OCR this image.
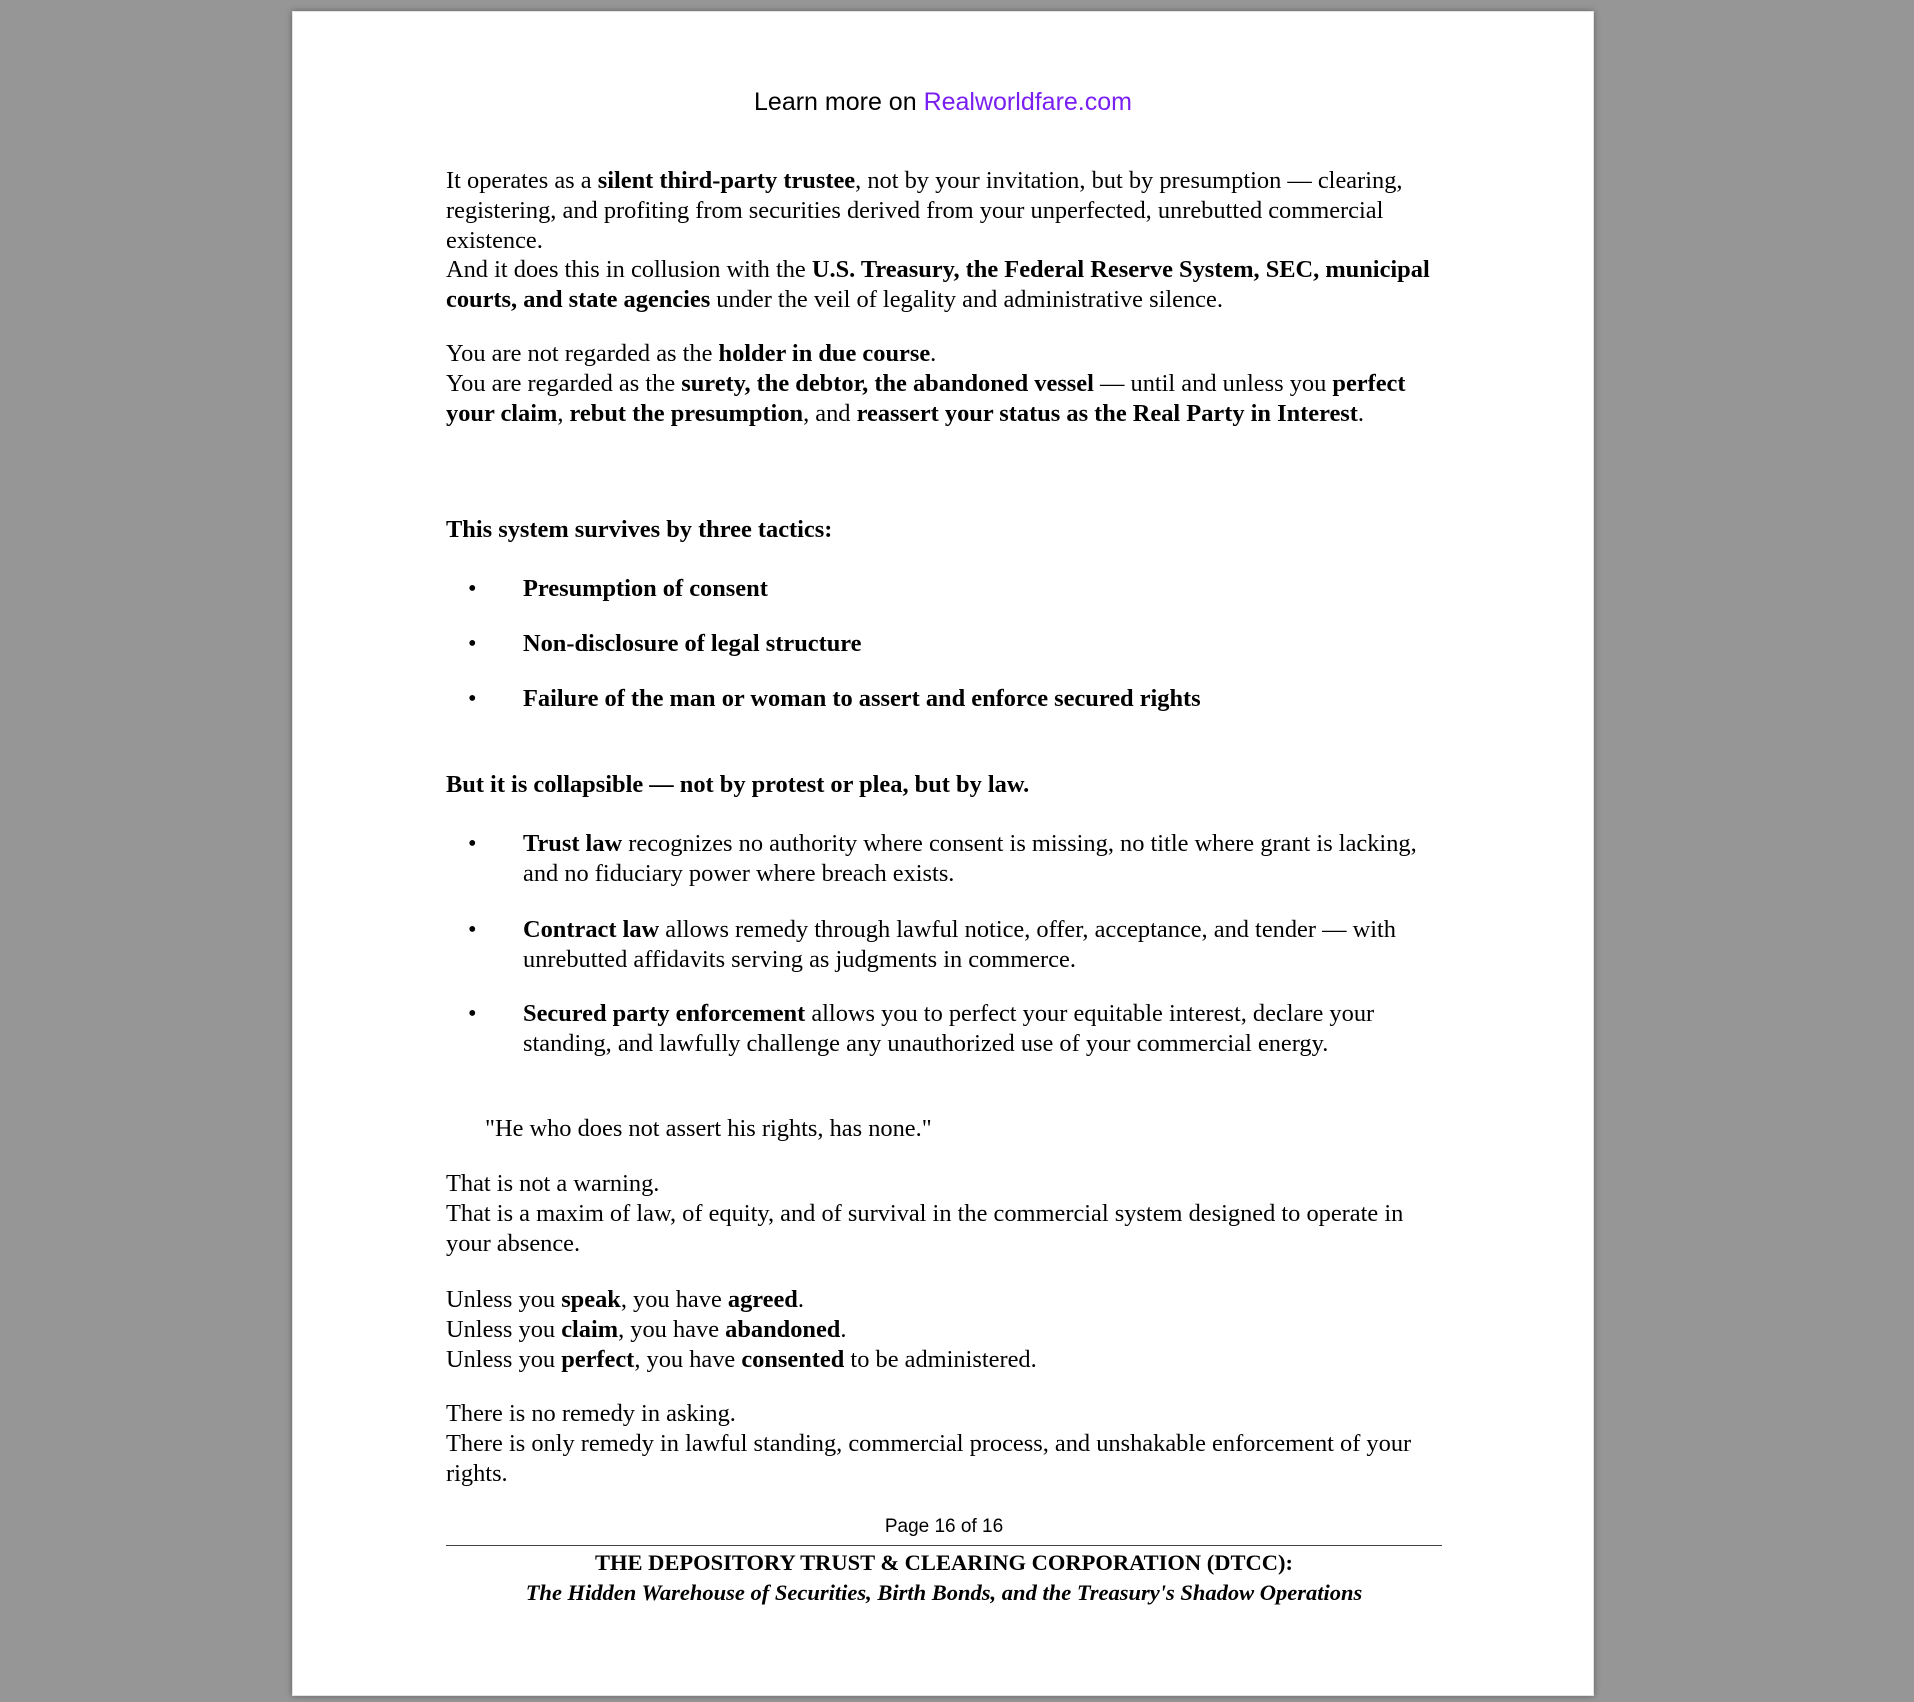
Learn more on Realworldfare.com

It operates as a silent third-party trustee, not by your invitation, but by presumption — clearing, registering, and profiting from securities derived from your unperfected, unrebutted commercial existence.

And it does this in collusion with the U.S. Treasury, the Federal Reserve System, SEC, municipal courts, and state agencies under the veil of legality and administrative silence.

You are not regarded as the holder in due course.

You are regarded as the surety, the debtor, the abandoned vessel — until and unless you perfect your claim, rebut the presumption, and reassert your status as the Real Party in Interest.

This system survives by three tactics:

• Presumption of consent
• Non-disclosure of legal structure
• Failure of the man or woman to assert and enforce secured rights

But it is collapsible — not by protest or plea, but by law.

• Trust law recognizes no authority where consent is missing, no title where grant is lacking, and no fiduciary power where breach exists.
• Contract law allows remedy through lawful notice, offer, acceptance, and tender — with unrebutted affidavits serving as judgments in commerce.
• Secured party enforcement allows you to perfect your equitable interest, declare your standing, and lawfully challenge any unauthorized use of your commercial energy.
"He who does not assert his rights, has none."

That is not a warning.

That is a maxim of law, of equity, and of survival in the commercial system designed to operate in your absence.

Unless you speak, you have agreed.

Unless you claim, you have abandoned.

Unless you perfect, you have consented to be administered.

There is no remedy in asking.

There is only remedy in lawful standing, commercial process, and unshakable enforcement of your rights.

Page 16 of 16
THE DEPOSITORY TRUST & CLEARING CORPORATION (DTCC):
The Hidden Warehouse of Securities, Birth Bonds, and the Treasury's Shadow Operations
